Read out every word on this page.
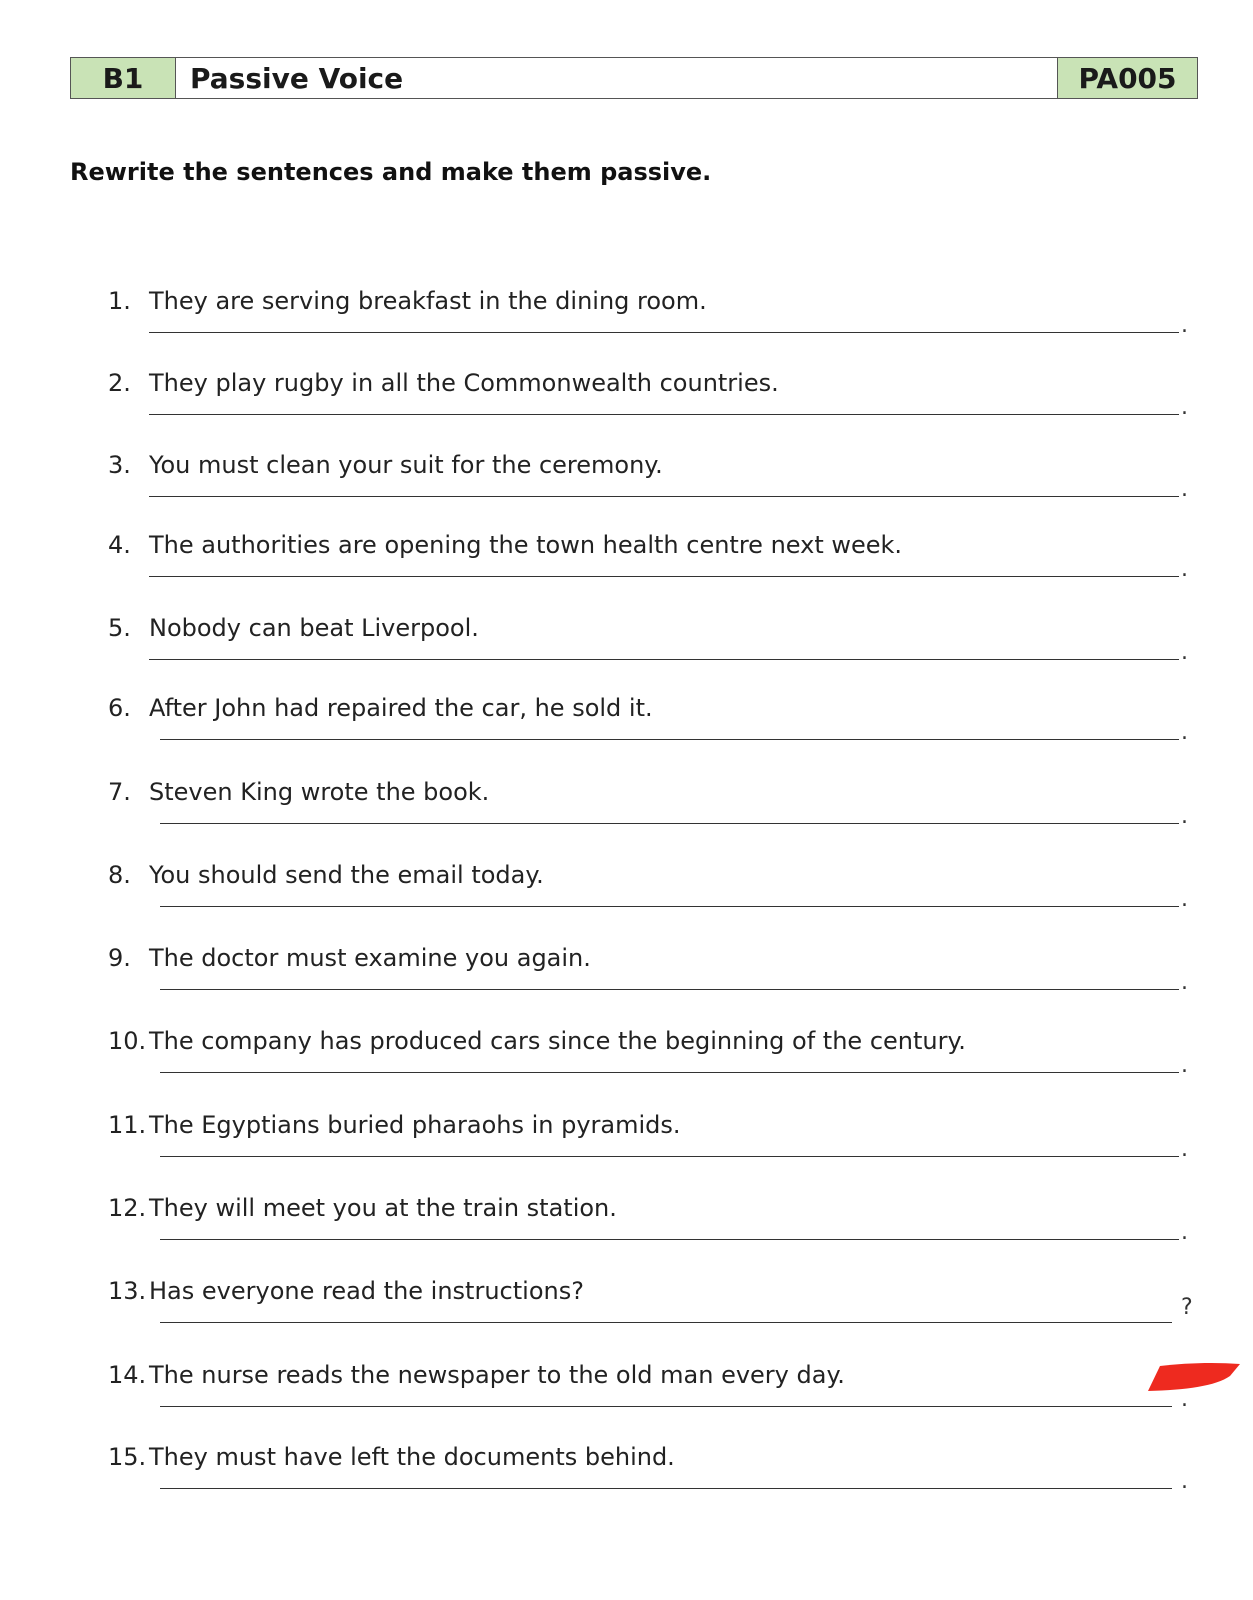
B1	Passive Voice	PA005
Rewrite the sentences and make them passive.
1. They are serving breakfast in the dining room.
.
2. They play rugby in all the Commonwealth countries.
.
3. You must clean your suit for the ceremony.
.
4. The authorities are opening the town health centre next week.
.
5. Nobody can beat Liverpool.
.
6. After John had repaired the car, he sold it.
.
7. Steven King wrote the book.
.
8. You should send the email today.
.
9. The doctor must examine you again.
.
10. The company has produced cars since the beginning of the century.
.
11. The Egyptians buried pharaohs in pyramids.
.
12. They will meet you at the train station.
.
13. Has everyone read the instructions?
?
14. The nurse reads the newspaper to the old man every day.
.
15. They must have left the documents behind.
.
